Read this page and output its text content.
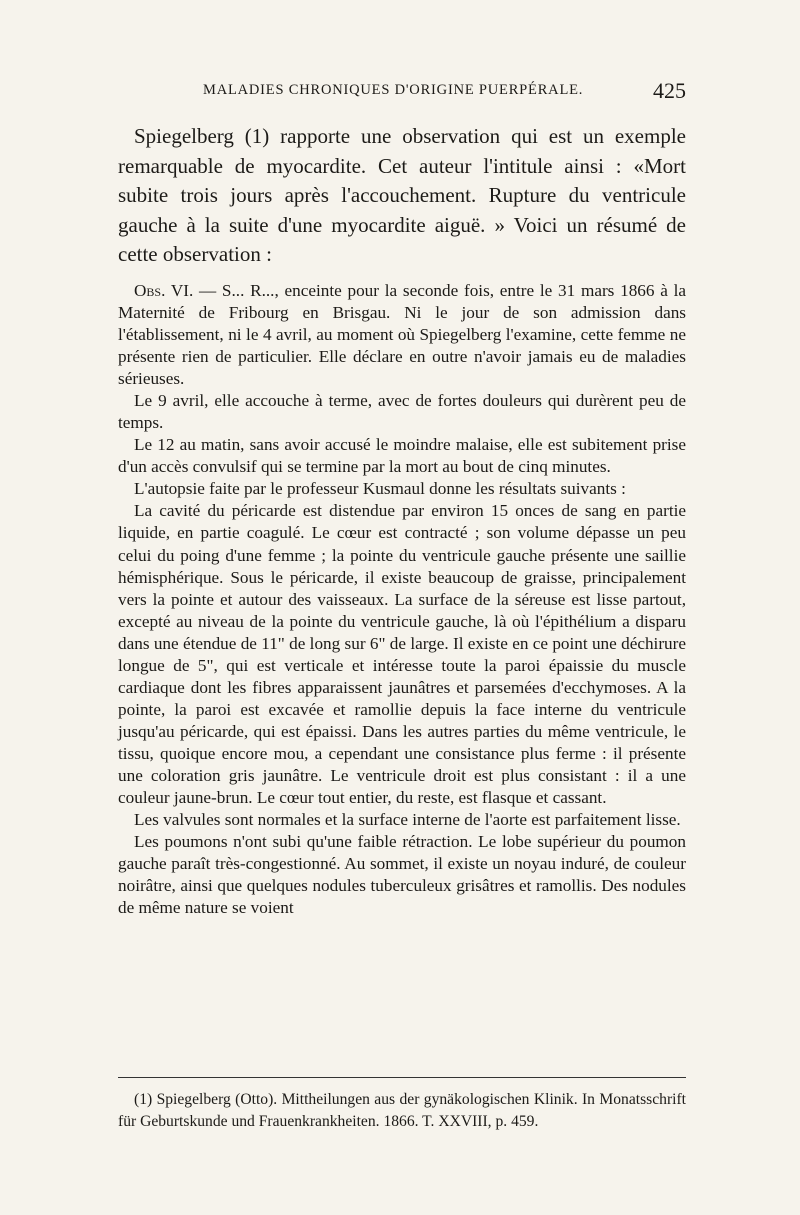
MALADIES CHRONIQUES D'ORIGINE PUERPÉRALE.	425

Spiegelberg (1) rapporte une observation qui est un exemple remarquable de myocardite. Cet auteur l'intitule ainsi : «Mort subite trois jours après l'accouchement. Rupture du ventricule gauche à la suite d'une myocardite aiguë. » Voici un résumé de cette observation :

Obs. VI. — S... R..., enceinte pour la seconde fois, entre le 31 mars 1866 à la Maternité de Fribourg en Brisgau. Ni le jour de son admission dans l'établissement, ni le 4 avril, au moment où Spiegelberg l'examine, cette femme ne présente rien de particulier. Elle déclare en outre n'avoir jamais eu de maladies sérieuses.

Le 9 avril, elle accouche à terme, avec de fortes douleurs qui durèrent peu de temps.

Le 12 au matin, sans avoir accusé le moindre malaise, elle est subitement prise d'un accès convulsif qui se termine par la mort au bout de cinq minutes.

L'autopsie faite par le professeur Kusmaul donne les résultats suivants :

La cavité du péricarde est distendue par environ 15 onces de sang en partie liquide, en partie coagulé. Le cœur est contracté ; son volume dépasse un peu celui du poing d'une femme ; la pointe du ventricule gauche présente une saillie hémisphérique. Sous le péricarde, il existe beaucoup de graisse, principalement vers la pointe et autour des vaisseaux. La surface de la séreuse est lisse partout, excepté au niveau de la pointe du ventricule gauche, là où l'épithélium a disparu dans une étendue de 11" de long sur 6" de large. Il existe en ce point une déchirure longue de 5", qui est verticale et intéresse toute la paroi épaissie du muscle cardiaque dont les fibres apparaissent jaunâtres et parsemées d'ecchymoses. A la pointe, la paroi est excavée et ramollie depuis la face interne du ventricule jusqu'au péricarde, qui est épaissi. Dans les autres parties du même ventricule, le tissu, quoique encore mou, a cependant une consistance plus ferme : il présente une coloration gris jaunâtre. Le ventricule droit est plus consistant : il a une couleur jaune-brun. Le cœur tout entier, du reste, est flasque et cassant.

Les valvules sont normales et la surface interne de l'aorte est parfaitement lisse.

Les poumons n'ont subi qu'une faible rétraction. Le lobe supérieur du poumon gauche paraît très-congestionné. Au sommet, il existe un noyau induré, de couleur noirâtre, ainsi que quelques nodules tuberculeux grisâtres et ramollis. Des nodules de même nature se voient

(1) Spiegelberg (Otto). Mittheilungen aus der gynäkologischen Klinik. In Monatsschrift für Geburtskunde und Frauenkrankheiten. 1866. T. XXVIII, p. 459.
